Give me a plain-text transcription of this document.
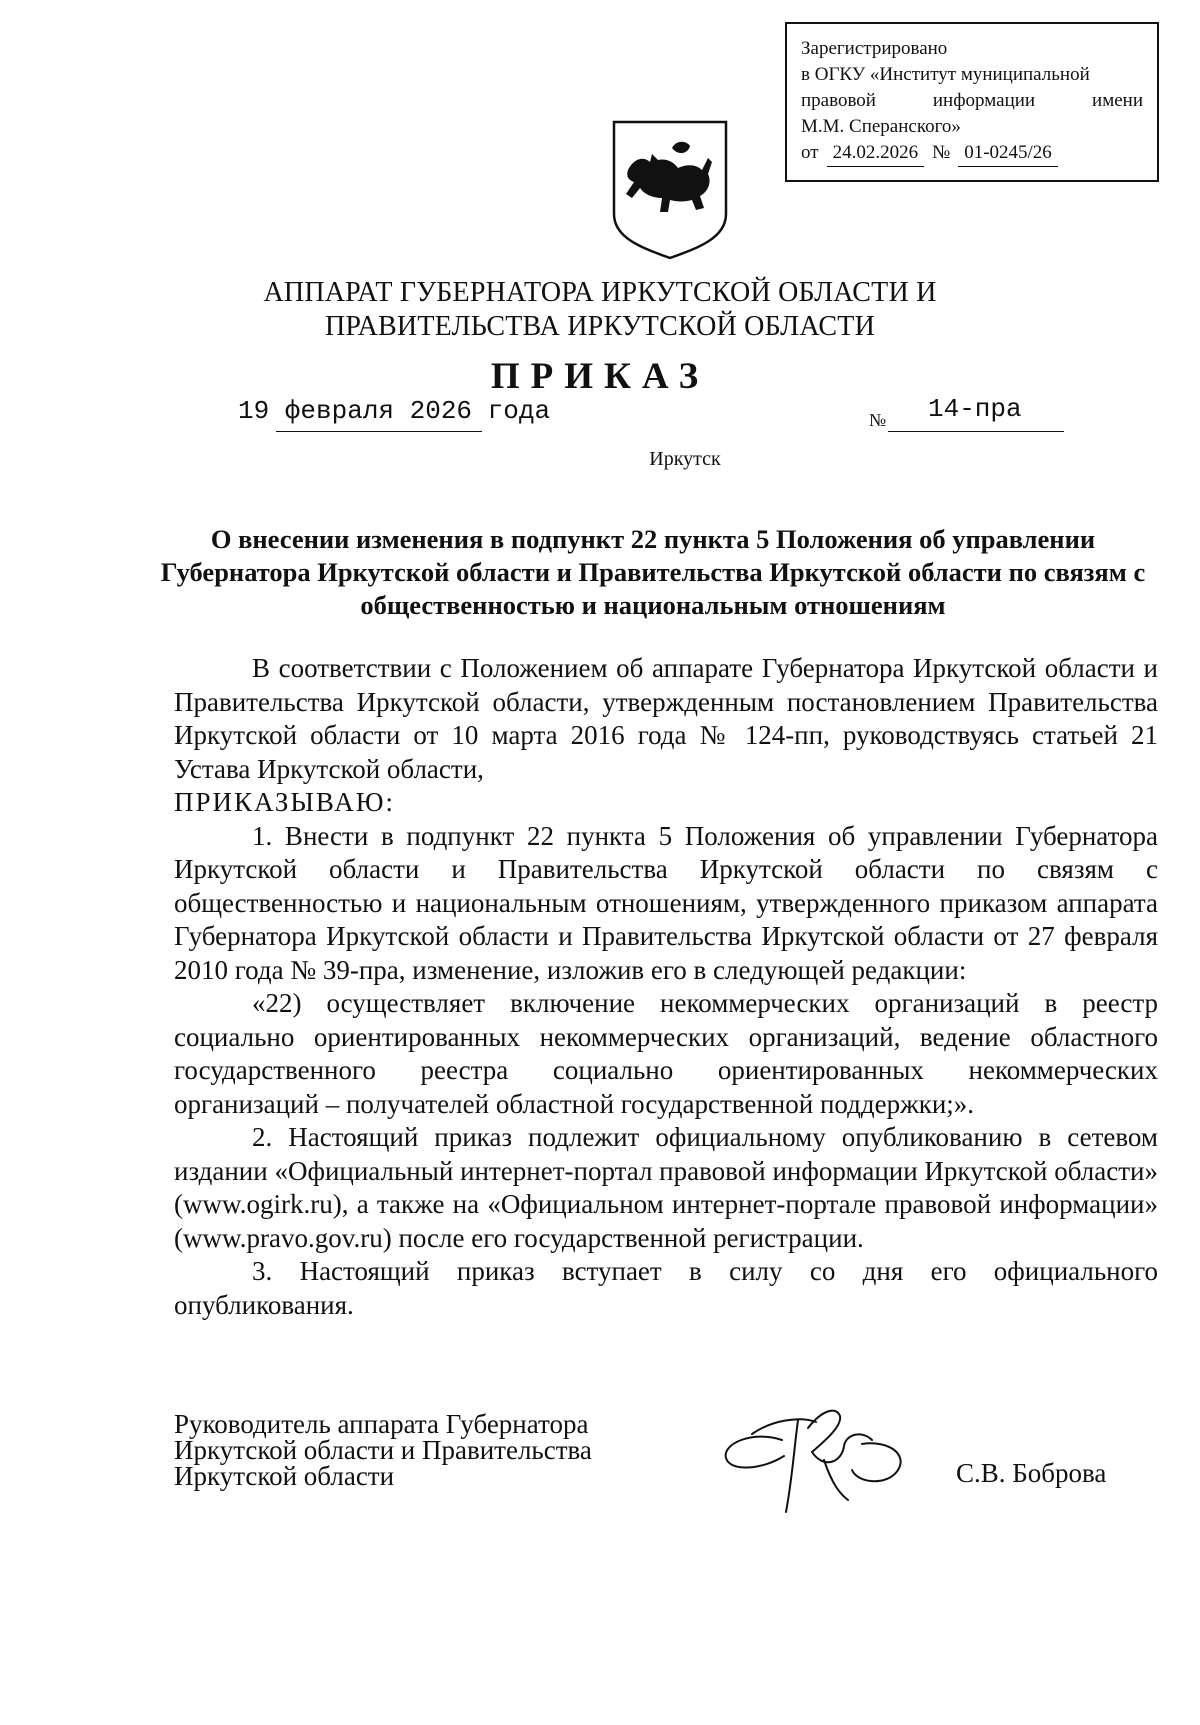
Зарегистрировано
в ОГКУ «Институт муниципальной
правовой	информации	имени
М.М. Сперанского»
от 24.02.2026 № 01-0245/26
АППАРАТ ГУБЕРНАТОРА ИРКУТСКОЙ ОБЛАСТИ И
ПРАВИТЕЛЬСТВА ИРКУТСКОЙ ОБЛАСТИ
ПРИКАЗ
19 февраля 2026 года	№ 14-пра
Иркутск
О внесении изменения в подпункт 22 пункта 5 Положения об управлении Губернатора Иркутской области и Правительства Иркутской области по связям с общественностью и национальным отношениям

В соответствии с Положением об аппарате Губернатора Иркутской области и Правительства Иркутской области, утвержденным постановлением Правительства Иркутской области от 10 марта 2016 года № 124-пп, руководствуясь статьей 21 Устава Иркутской области,

ПРИКАЗЫВАЮ:

1. Внести в подпункт 22 пункта 5 Положения об управлении Губернатора Иркутской области и Правительства Иркутской области по связям с общественностью и национальным отношениям, утвержденного приказом аппарата Губернатора Иркутской области и Правительства Иркутской области от 27 февраля 2010 года № 39-пра, изменение, изложив его в следующей редакции:

«22) осуществляет включение некоммерческих организаций в реестр социально ориентированных некоммерческих организаций, ведение областного государственного реестра социально ориентированных некоммерческих организаций – получателей областной государственной поддержки;».

2. Настоящий приказ подлежит официальному опубликованию в сетевом издании «Официальный интернет-портал правовой информации Иркутской области» (www.ogirk.ru), а также на «Официальном интернет-портале правовой информации» (www.pravo.gov.ru) после его государственной регистрации.

3. Настоящий приказ вступает в силу со дня его официального опубликования.

Руководитель аппарата Губернатора
Иркутской области и Правительства
Иркутской области	С.В. Боброва
